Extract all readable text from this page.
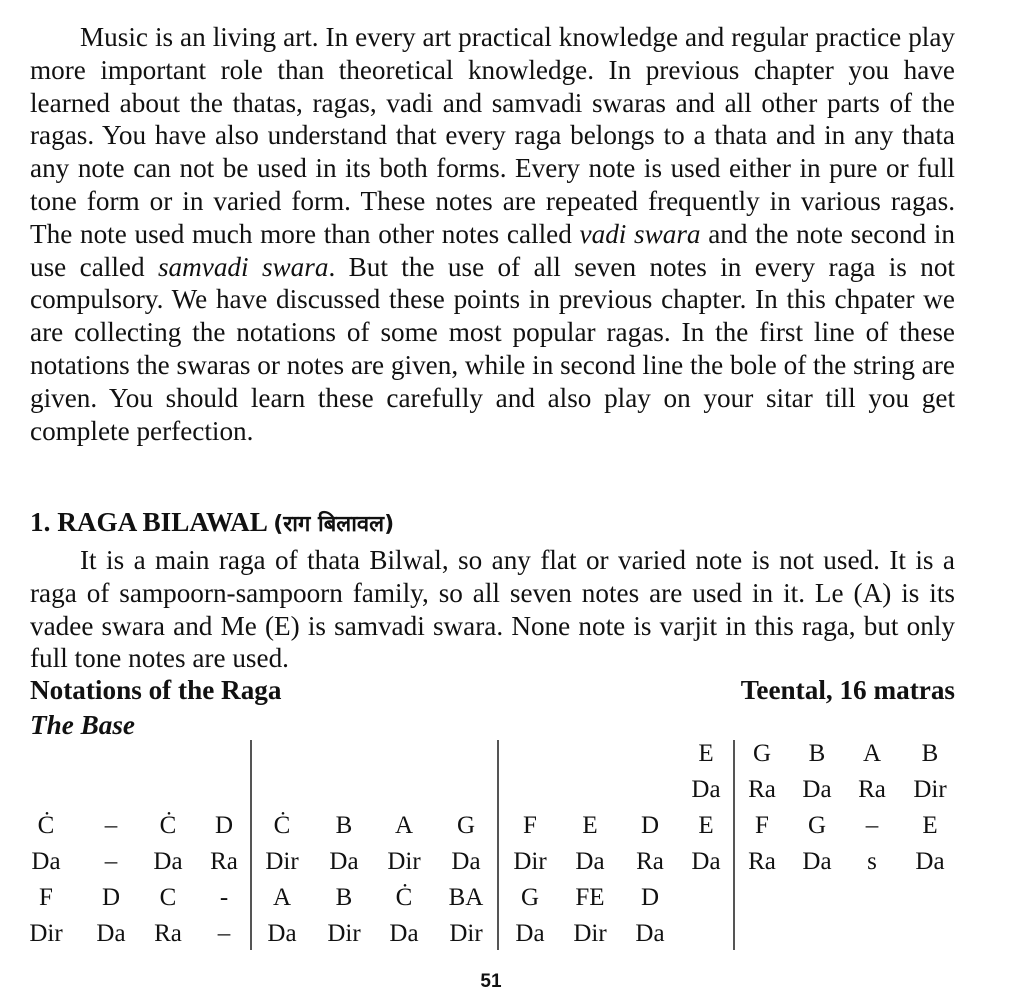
Music is an living art. In every art practical knowledge and regular practice play more important role than theoretical knowledge. In previous chapter you have learned about the thatas, ragas, vadi and samvadi swaras and all other parts of the ragas. You have also understand that every raga belongs to a thata and in any thata any note can not be used in its both forms. Every note is used either in pure or full tone form or in varied form. These notes are repeated frequently in various ragas. The note used much more than other notes called vadi swara and the note second in use called samvadi swara. But the use of all seven notes in every raga is not compulsory. We have discussed these points in previous chapter. In this chpater we are collecting the notations of some most popular ragas. In the first line of these notations the swaras or notes are given, while in second line the bole of the string are given. You should learn these carefully and also play on your sitar till you get complete perfection.

1. RAGA BILAWAL (राग बिलावल)

It is a main raga of thata Bilwal, so any flat or varied note is not used. It is a raga of sampoorn-sampoorn family, so all seven notes are used in it. Le (A) is its vadee swara and Me (E) is samvadi swara. None note is varjit in this raga, but only full tone notes are used.

Notations of the Raga	Teental, 16 matras
The Base
E G B A B
Da Ra Da Ra Dir
Ċ – Ċ D Ċ B A G F E D E F G – E
Da – Da Ra Dir Da Dir Da Dir Da Ra Da Ra Da s Da
F D C - A B Ċ BA G FE D
Dir Da Ra – Da Dir Da Dir Da Dir Da
51
